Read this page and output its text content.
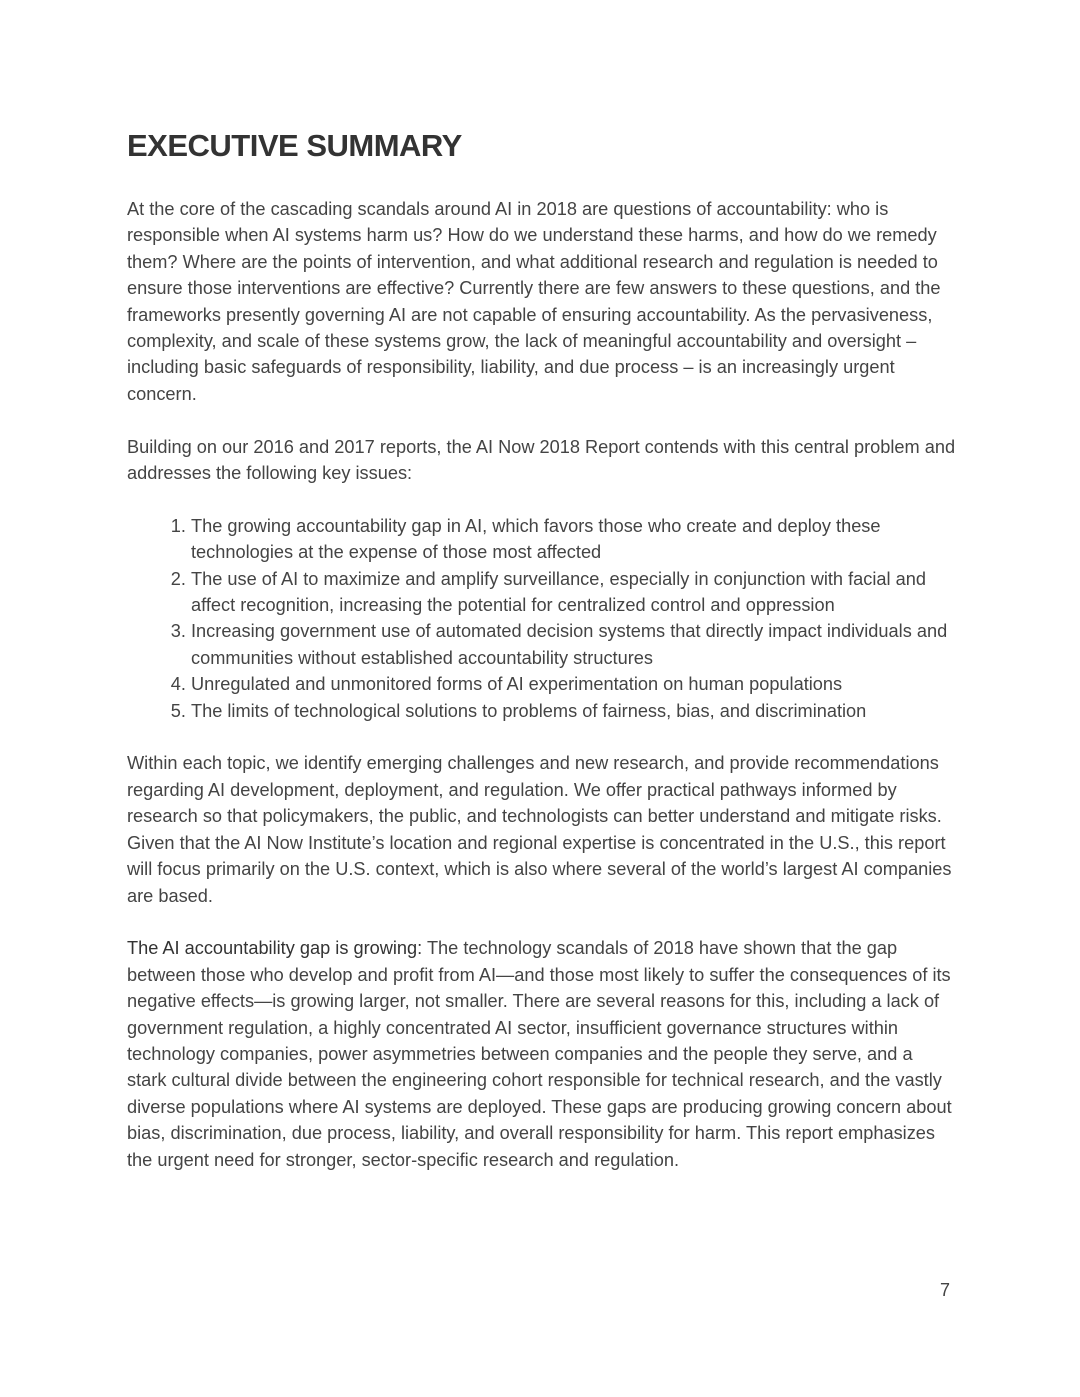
EXECUTIVE SUMMARY

At the core of the cascading scandals around AI in 2018 are questions of accountability: who is responsible when AI systems harm us? How do we understand these harms, and how do we remedy them? Where are the points of intervention, and what additional research and regulation is needed to ensure those interventions are effective? Currently there are few answers to these questions, and the frameworks presently governing AI are not capable of ensuring accountability. As the pervasiveness, complexity, and scale of these systems grow, the lack of meaningful accountability and oversight – including basic safeguards of responsibility, liability, and due process – is an increasingly urgent concern.

Building on our 2016 and 2017 reports, the AI Now 2018 Report contends with this central problem and addresses the following key issues:

1. The growing accountability gap in AI, which favors those who create and deploy these technologies at the expense of those most affected
2. The use of AI to maximize and amplify surveillance, especially in conjunction with facial and affect recognition, increasing the potential for centralized control and oppression
3. Increasing government use of automated decision systems that directly impact individuals and communities without established accountability structures
4. Unregulated and unmonitored forms of AI experimentation on human populations
5. The limits of technological solutions to problems of fairness, bias, and discrimination

Within each topic, we identify emerging challenges and new research, and provide recommendations regarding AI development, deployment, and regulation. We offer practical pathways informed by research so that policymakers, the public, and technologists can better understand and mitigate risks. Given that the AI Now Institute’s location and regional expertise is concentrated in the U.S., this report will focus primarily on the U.S. context, which is also where several of the world’s largest AI companies are based.

The AI accountability gap is growing: The technology scandals of 2018 have shown that the gap between those who develop and profit from AI—and those most likely to suffer the consequences of its negative effects—is growing larger, not smaller. There are several reasons for this, including a lack of government regulation, a highly concentrated AI sector, insufficient governance structures within technology companies, power asymmetries between companies and the people they serve, and a stark cultural divide between the engineering cohort responsible for technical research, and the vastly diverse populations where AI systems are deployed. These gaps are producing growing concern about bias, discrimination, due process, liability, and overall responsibility for harm. This report emphasizes the urgent need for stronger, sector-specific research and regulation.

7
